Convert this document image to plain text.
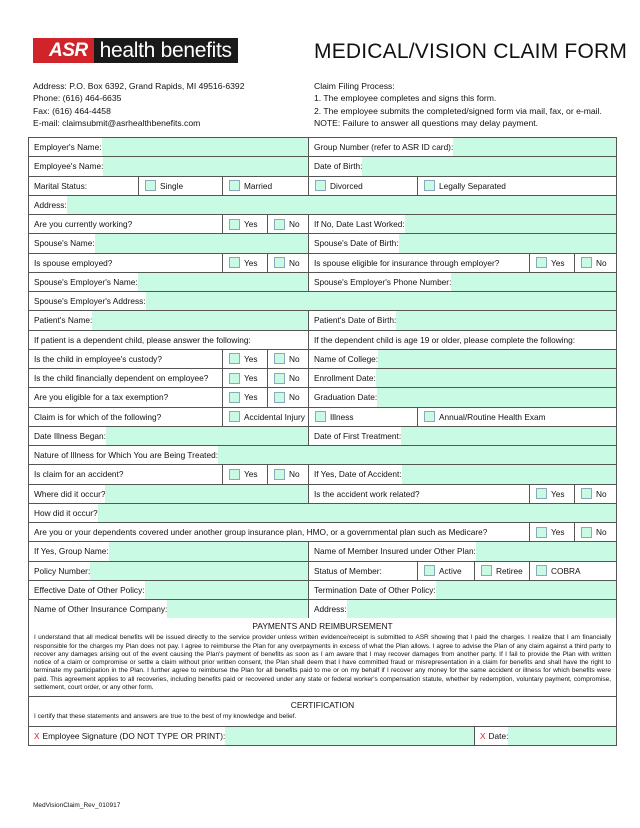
ASR health benefits	MEDICAL/VISION CLAIM FORM
Address: P.O. Box 6392, Grand Rapids, MI 49516-6392
Phone: (616) 464-6635
Fax: (616) 464-4458
E-mail: claimsubmit@asrhealthbenefits.com
Claim Filing Process:
1. The employee completes and signs this form.
2. The employee submits the completed/signed form via mail, fax, or e-mail.
NOTE: Failure to answer all questions may delay payment.
Employer's Name:	Group Number (refer to ASR ID card):
Employee's Name:	Date of Birth:
Marital Status:	Single	Married	Divorced	Legally Separated
Address:
Are you currently working?	Yes	No	If No, Date Last Worked:
Spouse's Name:	Spouse's Date of Birth:
Is spouse employed?	Yes	No	Is spouse eligible for insurance through employer?	Yes	No
Spouse's Employer's Name:	Spouse's Employer's Phone Number:
Spouse's Employer's Address:
Patient's Name:	Patient's Date of Birth:
If patient is a dependent child, please answer the following:	If the dependent child is age 19 or older, please complete the following:
Is the child in employee's custody?	Yes	No	Name of College:
Is the child financially dependent on employee?	Yes	No	Enrollment Date:
Are you eligible for a tax exemption?	Yes	No	Graduation Date:
Claim is for which of the following?	Accidental Injury	Illness	Annual/Routine Health Exam
Date Illness Began:	Date of First Treatment:
Nature of Illness for Which You are Being Treated:
Is claim for an accident?	Yes	No	If Yes, Date of Accident:
Where did it occur?	Is the accident work related?	Yes	No
How did it occur?
Are you or your dependents covered under another group insurance plan, HMO, or a governmental plan such as Medicare?	Yes	No
If Yes, Group Name:	Name of Member Insured under Other Plan:
Policy Number:	Status of Member:	Active	Retiree	COBRA
Effective Date of Other Policy:	Termination Date of Other Policy:
Name of Other Insurance Company:	Address:
PAYMENTS AND REIMBURSEMENT

I understand that all medical benefits will be issued directly to the service provider unless written evidence/receipt is submitted to ASR showing that I paid the charges. I realize that I am financially responsible for the charges my Plan does not pay. I agree to reimburse the Plan for any overpayments in excess of what the Plan allows. I agree to advise the Plan of any claim against a third party to recover any damages arising out of the event causing the Plan's payment of benefits as soon as I am aware that I may recover damages from another party. If I fail to provide the Plan with written notice of a claim or compromise or settle a claim without prior written consent, the Plan shall deem that I have committed fraud or misrepresentation in a claim for benefits and shall have the right to terminate my participation in the Plan. I further agree to reimburse the Plan for all benefits paid to me or on my behalf if I recover any money for the same accident or illness for which benefits were paid. This agreement applies to all recoveries, including benefits paid or recovered under any state or federal worker's compensation statute, whether by redemption, voluntary payment, compromise, settlement, court order, or any other form.

CERTIFICATION

I certify that these statements and answers are true to the best of my knowledge and belief.

X Employee Signature (DO NOT TYPE OR PRINT):	X Date:
MedVisionClaim_Rev_010917
